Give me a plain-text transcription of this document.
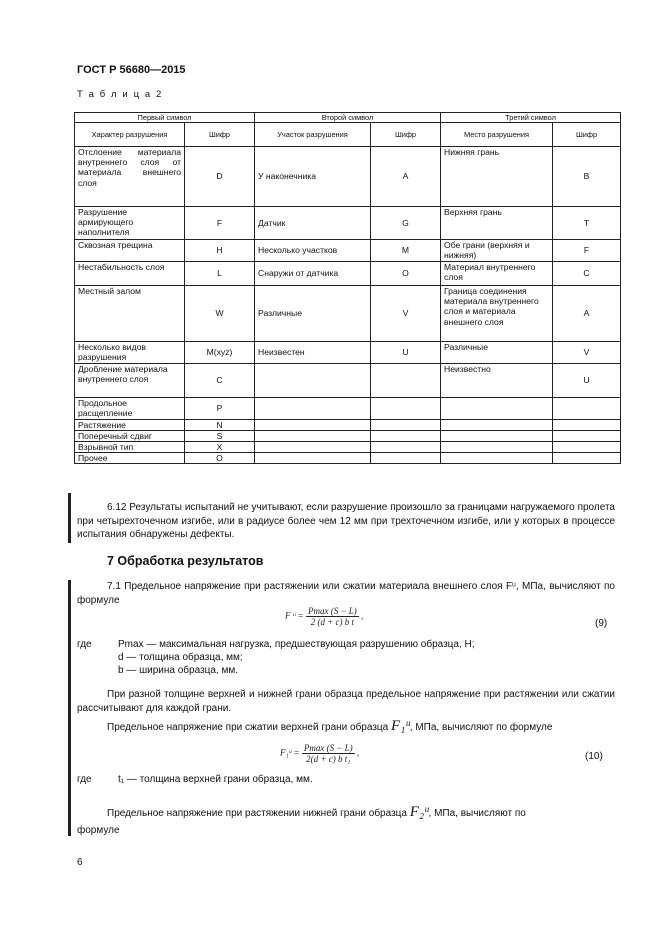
ГОСТ Р 56680—2015
Т а б л и ц а 2
Первый символ		Второй символ		Третий символ	
Характер разрушения	Шифр	Участок разрушения	Шифр	Место разрушения	Шифр
Отслоение материала внутреннего слоя от материала внешнего слоя	D	У наконечника	A	Нижняя грань	B
Разрушение армирующего наполнителя	F	Датчик	G	Верхняя грань	T
Сквозная трещина	H	Несколько участков	M	Обе грани (верхняя и нижняя)	F
Нестабильность слоя	L	Снаружи от датчика	O	Материал внутреннего слоя	C
Местный залом	W	Различные	V	Граница соединения материала внутреннего слоя и материала внешнего слоя	A
Несколько видов разрушения	M(xyz)	Неизвестен	U	Различные	V
Дробление материала внутреннего слоя	C			Неизвестно	U
Продольное расщепление	P				
Растяжение	N				
Поперечный сдвиг	S				
Взрывной тип	X				
Прочее	O				
6.12 Результаты испытаний не учитывают, если разрушение произошло за границами нагружаемого пролета при четырехточечном изгибе, или в радиусе более чем 12 мм при трехточечном изгибе, или у которых в процессе испытания обнаружены дефекты.
7 Обработка результатов
7.1 Предельное напряжение при растяжении или сжатии материала внешнего слоя Fᵘ, МПа, вычисляют по формуле
F ᵘ = $\frac{Pmax (S - L)}{\text{2 (d + c) b t}}$ ,
(9)
где	Pmax — максимальная нагрузка, предшествующая разрушению образца, Н;
d — толщина образца, мм;
b — ширина образца, мм.
При разной толщине верхней и нижней грани образца предельное напряжение при растяжении или сжатии рассчитывают для каждой грани.
Предельное напряжение при сжатии верхней грани образца F₁ᵘ, МПа, вычисляют по формуле
F₁ᵘ = $\frac{Pmax (S - L)}{\text{2(d + c) b t₁}}$ ,	(10)
где	t₁ — толщина верхней грани образца, мм.
Предельное напряжение при растяжении нижней грани образца F₂ᵘ, МПа, вычисляют по
формуле
6
